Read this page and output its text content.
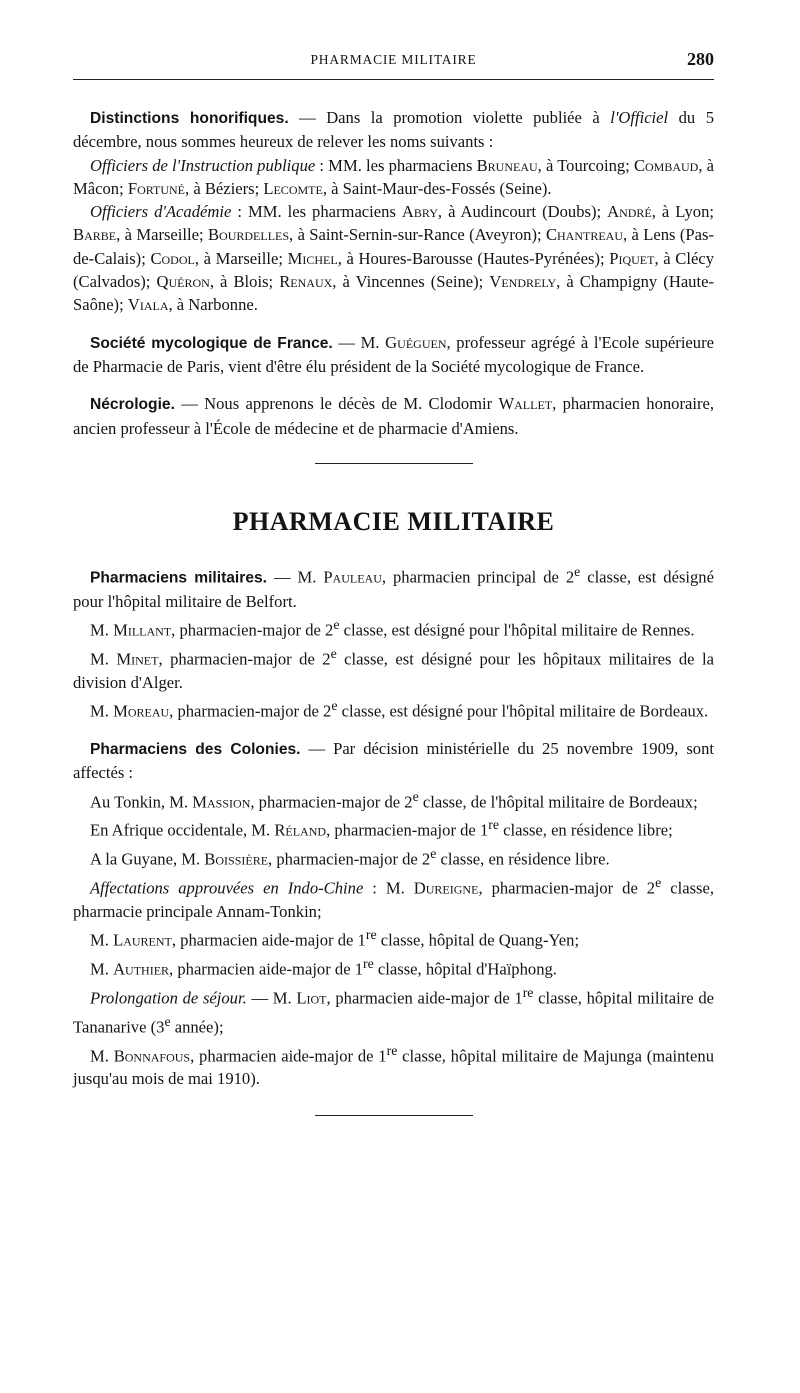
PHARMACIE MILITAIRE	280

Distinctions honorifiques. — Dans la promotion violette publiée à l'Officiel du 5 décembre, nous sommes heureux de relever les noms suivants :

Officiers de l'Instruction publique : MM. les pharmaciens Bruneau, à Tourcoing; Combaud, à Mâcon; Fortuné, à Béziers; Lecomte, à Saint-Maur-des-Fossés (Seine).

Officiers d'Académie : MM. les pharmaciens Abry, à Audincourt (Doubs); André, à Lyon; Barbe, à Marseille; Bourdelles, à Saint-Sernin-sur-Rance (Aveyron); Chantreau, à Lens (Pas-de-Calais); Codol, à Marseille; Michel, à Houres-Barousse (Hautes-Pyrénées); Piquet, à Clécy (Calvados); Quéron, à Blois; Renaux, à Vincennes (Seine); Vendrely, à Champigny (Haute-Saône); Viala, à Narbonne.

Société mycologique de France. — M. Guéguen, professeur agrégé à l'Ecole supérieure de Pharmacie de Paris, vient d'être élu président de la Société mycologique de France.

Nécrologie. — Nous apprenons le décès de M. Clodomir Wallet, pharmacien honoraire, ancien professeur à l'École de médecine et de pharmacie d'Amiens.

PHARMACIE MILITAIRE

Pharmaciens militaires. — M. Pauleau, pharmacien principal de 2e classe, est désigné pour l'hôpital militaire de Belfort.

M. Millant, pharmacien-major de 2e classe, est désigné pour l'hôpital militaire de Rennes.

M. Minet, pharmacien-major de 2e classe, est désigné pour les hôpitaux militaires de la division d'Alger.

M. Moreau, pharmacien-major de 2e classe, est désigné pour l'hôpital militaire de Bordeaux.

Pharmaciens des Colonies. — Par décision ministérielle du 25 novembre 1909, sont affectés :

Au Tonkin, M. Massion, pharmacien-major de 2e classe, de l'hôpital militaire de Bordeaux;

En Afrique occidentale, M. Réland, pharmacien-major de 1re classe, en résidence libre;

A la Guyane, M. Boissière, pharmacien-major de 2e classe, en résidence libre.

Affectations approuvées en Indo-Chine : M. Dureigne, pharmacien-major de 2e classe, pharmacie principale Annam-Tonkin;

M. Laurent, pharmacien aide-major de 1re classe, hôpital de Quang-Yen;

M. Authier, pharmacien aide-major de 1re classe, hôpital d'Haïphong.

Prolongation de séjour. — M. Liot, pharmacien aide-major de 1re classe, hôpital militaire de Tananarive (3e année);

M. Bonnafous, pharmacien aide-major de 1re classe, hôpital militaire de Majunga (maintenu jusqu'au mois de mai 1910).
